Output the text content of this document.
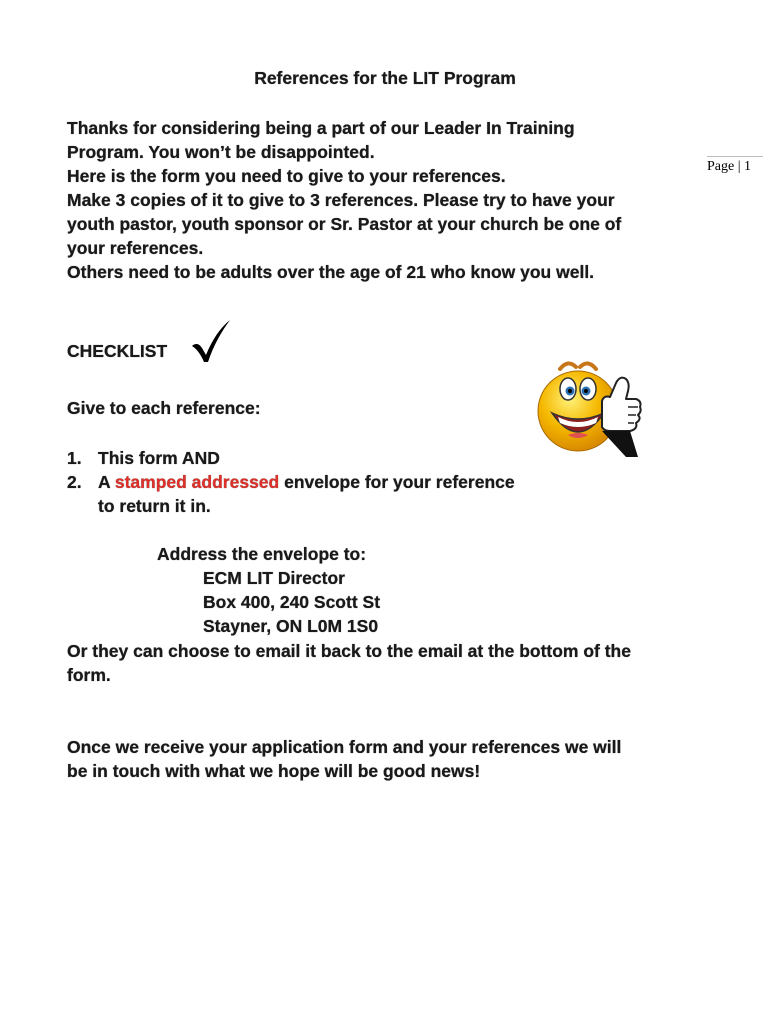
Page | 1
References for the LIT Program
Thanks for considering being a part of our Leader In Training
Program. You won’t be disappointed.
Here is the form you need to give to your references.
Make 3 copies of it to give to 3 references. Please try to have your
youth pastor, youth sponsor or Sr. Pastor at your church be one of
your references.
Others need to be adults over the age of 21 who know you well.
CHECKLIST
Give to each reference:
1. This form AND
2. A stamped addressed envelope for your reference
to return it in.
Address the envelope to:
ECM LIT Director
Box 400, 240 Scott St
Stayner, ON L0M 1S0
Or they can choose to email it back to the email at the bottom of the
form.
Once we receive your application form and your references we will
be in touch with what we hope will be good news!
